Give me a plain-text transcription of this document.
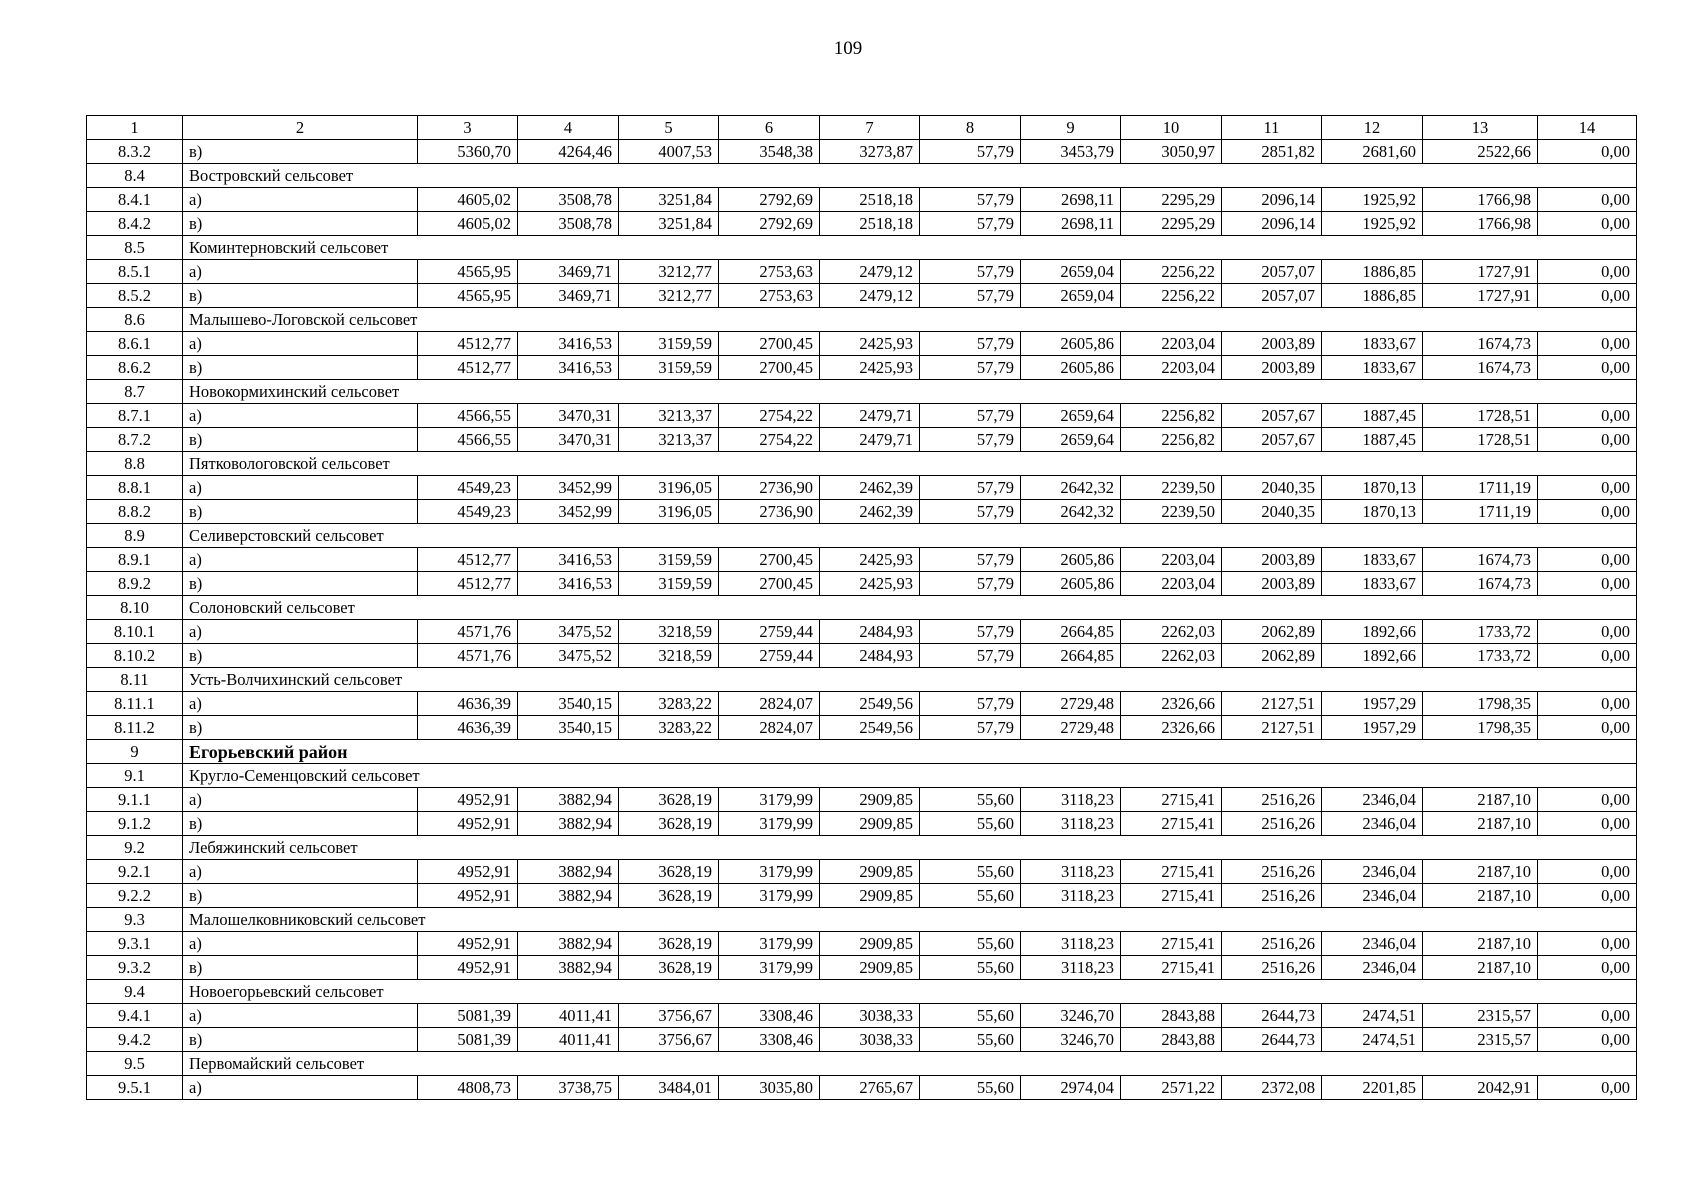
109
1	2	3	4	5	6	7	8	9	10	11	12	13	14
8.3.2	в)	5360,70	4264,46	4007,53	3548,38	3273,87	57,79	3453,79	3050,97	2851,82	2681,60	2522,66	0,00
8.4	Востровский сельсовет												
8.4.1	а)	4605,02	3508,78	3251,84	2792,69	2518,18	57,79	2698,11	2295,29	2096,14	1925,92	1766,98	0,00
8.4.2	в)	4605,02	3508,78	3251,84	2792,69	2518,18	57,79	2698,11	2295,29	2096,14	1925,92	1766,98	0,00
8.5	Коминтерновский сельсовет												
8.5.1	а)	4565,95	3469,71	3212,77	2753,63	2479,12	57,79	2659,04	2256,22	2057,07	1886,85	1727,91	0,00
8.5.2	в)	4565,95	3469,71	3212,77	2753,63	2479,12	57,79	2659,04	2256,22	2057,07	1886,85	1727,91	0,00
8.6	Малышево-Логовской сельсовет												
8.6.1	а)	4512,77	3416,53	3159,59	2700,45	2425,93	57,79	2605,86	2203,04	2003,89	1833,67	1674,73	0,00
8.6.2	в)	4512,77	3416,53	3159,59	2700,45	2425,93	57,79	2605,86	2203,04	2003,89	1833,67	1674,73	0,00
8.7	Новокормихинский сельсовет												
8.7.1	а)	4566,55	3470,31	3213,37	2754,22	2479,71	57,79	2659,64	2256,82	2057,67	1887,45	1728,51	0,00
8.7.2	в)	4566,55	3470,31	3213,37	2754,22	2479,71	57,79	2659,64	2256,82	2057,67	1887,45	1728,51	0,00
8.8	Пятковологовской сельсовет												
8.8.1	а)	4549,23	3452,99	3196,05	2736,90	2462,39	57,79	2642,32	2239,50	2040,35	1870,13	1711,19	0,00
8.8.2	в)	4549,23	3452,99	3196,05	2736,90	2462,39	57,79	2642,32	2239,50	2040,35	1870,13	1711,19	0,00
8.9	Селиверстовский сельсовет												
8.9.1	а)	4512,77	3416,53	3159,59	2700,45	2425,93	57,79	2605,86	2203,04	2003,89	1833,67	1674,73	0,00
8.9.2	в)	4512,77	3416,53	3159,59	2700,45	2425,93	57,79	2605,86	2203,04	2003,89	1833,67	1674,73	0,00
8.10	Солоновский сельсовет												
8.10.1	а)	4571,76	3475,52	3218,59	2759,44	2484,93	57,79	2664,85	2262,03	2062,89	1892,66	1733,72	0,00
8.10.2	в)	4571,76	3475,52	3218,59	2759,44	2484,93	57,79	2664,85	2262,03	2062,89	1892,66	1733,72	0,00
8.11	Усть-Волчихинский сельсовет												
8.11.1	а)	4636,39	3540,15	3283,22	2824,07	2549,56	57,79	2729,48	2326,66	2127,51	1957,29	1798,35	0,00
8.11.2	в)	4636,39	3540,15	3283,22	2824,07	2549,56	57,79	2729,48	2326,66	2127,51	1957,29	1798,35	0,00
9	Егорьевский район												
9.1	Кругло-Семенцовский сельсовет												
9.1.1	а)	4952,91	3882,94	3628,19	3179,99	2909,85	55,60	3118,23	2715,41	2516,26	2346,04	2187,10	0,00
9.1.2	в)	4952,91	3882,94	3628,19	3179,99	2909,85	55,60	3118,23	2715,41	2516,26	2346,04	2187,10	0,00
9.2	Лебяжинский сельсовет												
9.2.1	а)	4952,91	3882,94	3628,19	3179,99	2909,85	55,60	3118,23	2715,41	2516,26	2346,04	2187,10	0,00
9.2.2	в)	4952,91	3882,94	3628,19	3179,99	2909,85	55,60	3118,23	2715,41	2516,26	2346,04	2187,10	0,00
9.3	Малошелковниковский сельсовет												
9.3.1	а)	4952,91	3882,94	3628,19	3179,99	2909,85	55,60	3118,23	2715,41	2516,26	2346,04	2187,10	0,00
9.3.2	в)	4952,91	3882,94	3628,19	3179,99	2909,85	55,60	3118,23	2715,41	2516,26	2346,04	2187,10	0,00
9.4	Новоегорьевский сельсовет												
9.4.1	а)	5081,39	4011,41	3756,67	3308,46	3038,33	55,60	3246,70	2843,88	2644,73	2474,51	2315,57	0,00
9.4.2	в)	5081,39	4011,41	3756,67	3308,46	3038,33	55,60	3246,70	2843,88	2644,73	2474,51	2315,57	0,00
9.5	Первомайский сельсовет												
9.5.1	а)	4808,73	3738,75	3484,01	3035,80	2765,67	55,60	2974,04	2571,22	2372,08	2201,85	2042,91	0,00
